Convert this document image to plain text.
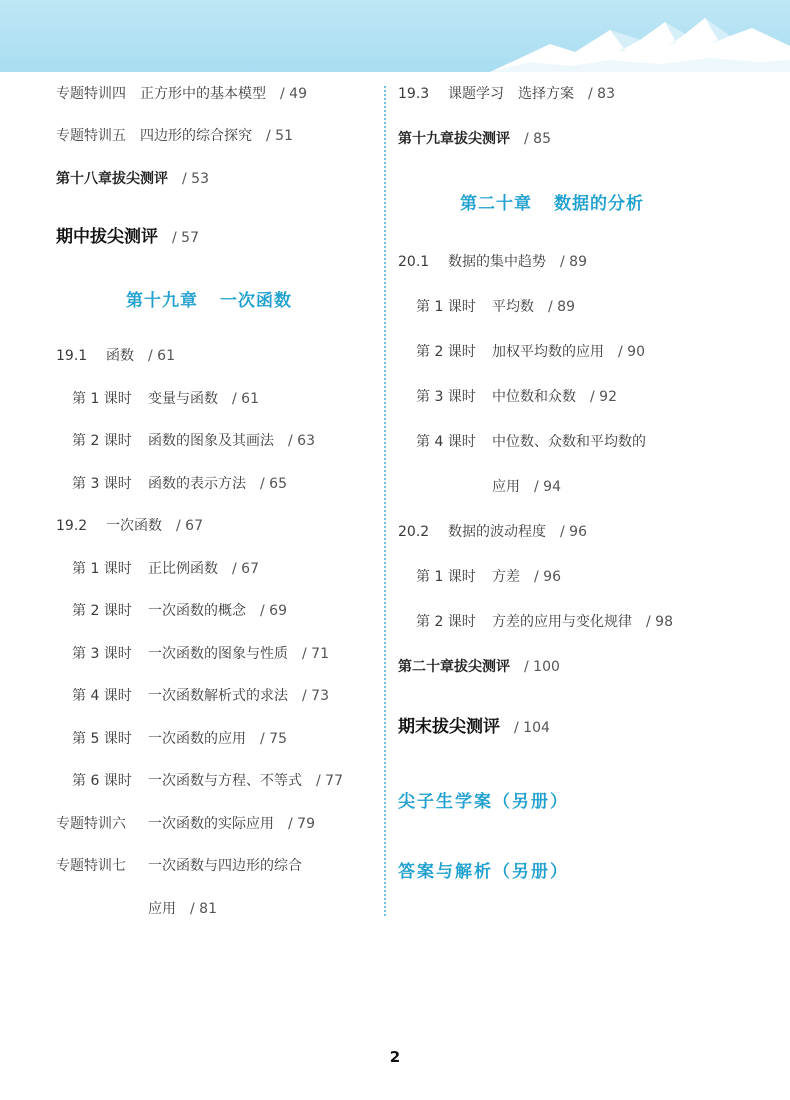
专题特训四　正方形中的基本模型 / 49
专题特训五　四边形的综合探究 / 51
第十八章拔尖测评 / 53
期中拔尖测评 / 57
第十九章 一次函数
19.1 函数 / 61
第 1 课时 变量与函数 / 61
第 2 课时 函数的图象及其画法 / 63
第 3 课时 函数的表示方法 / 65
19.2 一次函数 / 67
第 1 课时 正比例函数 / 67
第 2 课时 一次函数的概念 / 69
第 3 课时 一次函数的图象与性质 / 71
第 4 课时 一次函数解析式的求法 / 73
第 5 课时 一次函数的应用 / 75
第 6 课时 一次函数与方程、不等式 / 77
专题特训六 一次函数的实际应用 / 79
专题特训七 一次函数与四边形的综合
应用 / 81
19.3 课题学习　选择方案 / 83
第十九章拔尖测评 / 85
第二十章 数据的分析
20.1 数据的集中趋势 / 89
第 1 课时 平均数 / 89
第 2 课时 加权平均数的应用 / 90
第 3 课时 中位数和众数 / 92
第 4 课时 中位数、众数和平均数的
应用 / 94
20.2 数据的波动程度 / 96
第 1 课时 方差 / 96
第 2 课时 方差的应用与变化规律 / 98
第二十章拔尖测评 / 100
期末拔尖测评 / 104
尖子生学案（另册）
答案与解析（另册）
2
